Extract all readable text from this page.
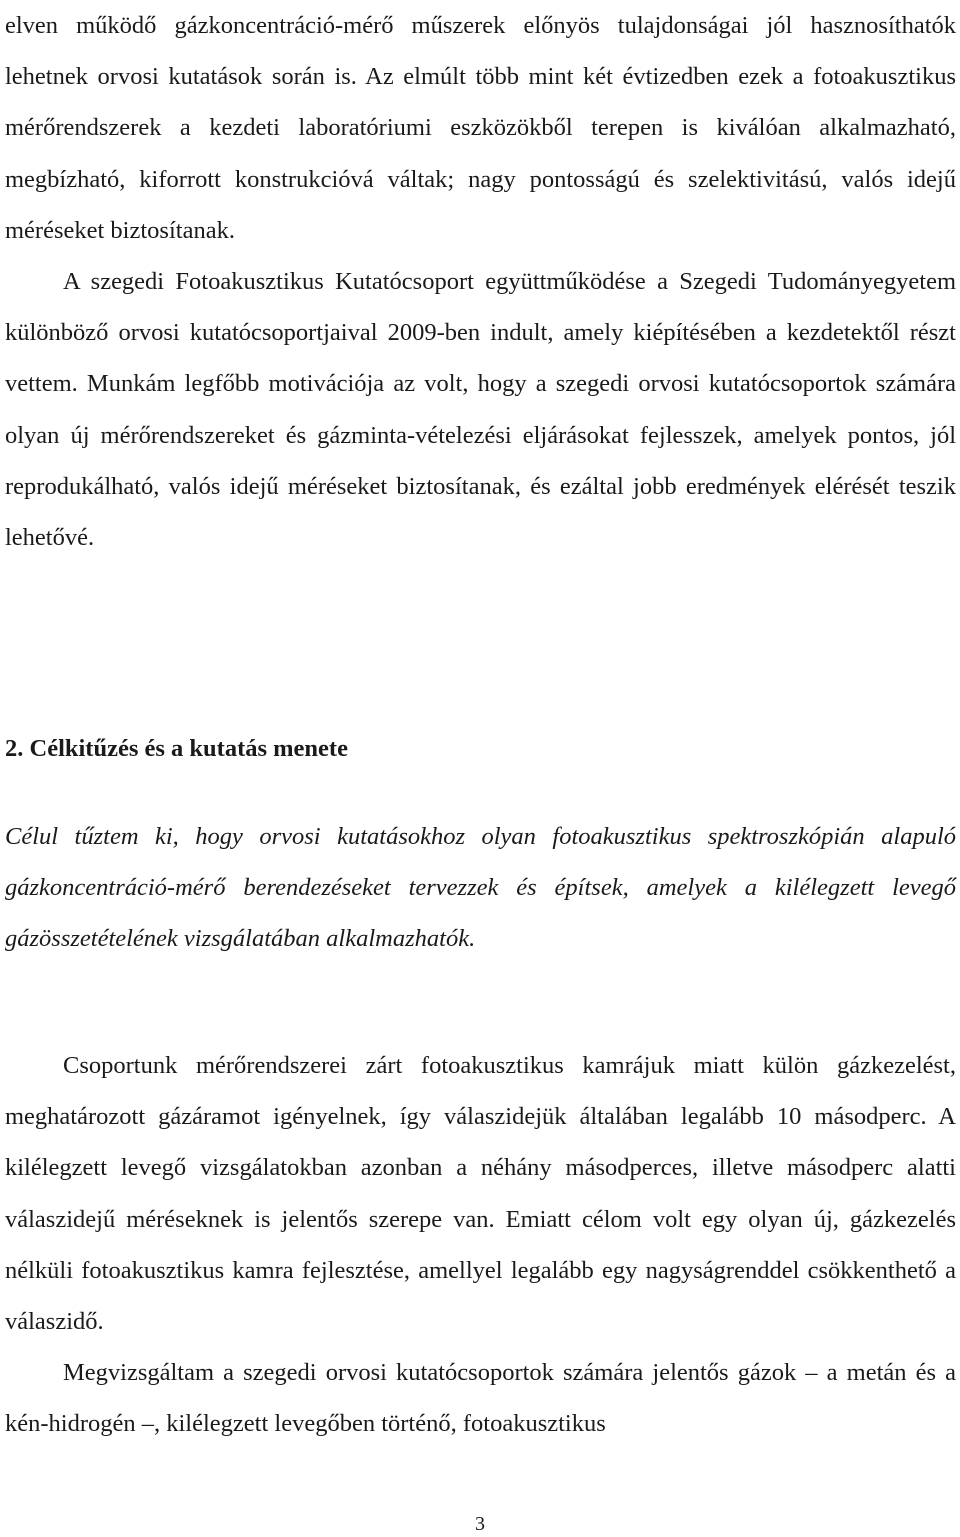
elven működő gázkoncentráció-mérő műszerek előnyös tulajdonságai jól hasznosíthatók lehetnek orvosi kutatások során is. Az elmúlt több mint két évtizedben ezek a fotoakusztikus mérőrendszerek a kezdeti laboratóriumi eszközökből terepen is kiválóan alkalmazható, megbízható, kiforrott konstrukcióvá váltak; nagy pontosságú és szelektivitású, valós idejű méréseket biztosítanak.

A szegedi Fotoakusztikus Kutatócsoport együttműködése a Szegedi Tudományegyetem különböző orvosi kutatócsoportjaival 2009-ben indult, amely kiépítésében a kezdetektől részt vettem. Munkám legfőbb motivációja az volt, hogy a szegedi orvosi kutatócsoportok számára olyan új mérőrendszereket és gázminta-vételezési eljárásokat fejlesszek, amelyek pontos, jól reprodukálható, valós idejű méréseket biztosítanak, és ezáltal jobb eredmények elérését teszik lehetővé.

2. Célkitűzés és a kutatás menete

Célul tűztem ki, hogy orvosi kutatásokhoz olyan fotoakusztikus spektroszkópián alapuló gázkoncentráció-mérő berendezéseket tervezzek és építsek, amelyek a kilélegzett levegő gázösszetételének vizsgálatában alkalmazhatók.

Csoportunk mérőrendszerei zárt fotoakusztikus kamrájuk miatt külön gázkezelést, meghatározott gázáramot igényelnek, így válaszidejük általában legalább 10 másodperc. A kilélegzett levegő vizsgálatokban azonban a néhány másodperces, illetve másodperc alatti válaszidejű méréseknek is jelentős szerepe van. Emiatt célom volt egy olyan új, gázkezelés nélküli fotoakusztikus kamra fejlesztése, amellyel legalább egy nagyságrenddel csökkenthető a válaszidő.

Megvizsgáltam a szegedi orvosi kutatócsoportok számára jelentős gázok – a metán és a kén-hidrogén –, kilélegzett levegőben történő, fotoakusztikus

3
